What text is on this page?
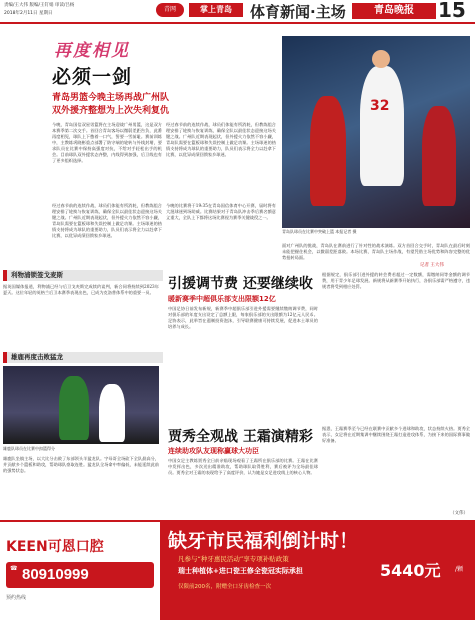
责编/王大伟 版编/王钉娟 审读/吕杨
2018年2月11日 星期日
青网	掌上青岛	体育新闻·主场	青岛晚报	15
再度相见
必须一剑
青岛男篮今晚主场再战广州队
双外援齐整想为上次失利复仇
今晚，青岛国信双星男篮将在主场迎战广州男篮，这是双方本赛季第二次交手。首回合青岛客场以微弱差距告负，此番再度相见，球队上下憋着一口气，誓要一雪前耻。赛前训练中，主教练巩晓彬重点部署了防守端的轮转与外线封堵，要求队员在比赛中保持高强度对抗，不给对手轻松出手的机会。目前球队双外援状态齐整，内线得到加强，后卫线也有了更多组织选择。
经过春节前的连续作战，球员们体能有所消耗，但教练组合理安排了轮换与恢复训练，确保全队以最佳状态迎接这场关键之战。广州队近期表现起伏，但外援火力依然不容小觑，青岛队需要在篮板球和失误控制上做足功课。主场球迷的热情支持将成为球队的重要助力，队员们表示将全力以赴拿下比赛，以优异成绩回馈家乡球迷。
经过春节前的连续作战，球员们体能有所消耗，但教练组合理安排了轮换与恢复训练，确保全队以最佳状态迎接这场关键之战。广州队近期表现起伏，但外援火力依然不容小觑，青岛队需要在篮板球和失误控制上做足功课。主场球迷的热情支持将成为球队的重要助力，队员们表示将全力以赴拿下比赛，以优异成绩回馈家乡球迷。
今晚的比赛将于19:35在青岛国信体育中心开赛，届时将有大批球迷到场助威。比赛结果对于青岛队冲击季后赛名额意义重大，全队上下都将这场比赛视为赛季关键战役之一。
32
青岛队球员在比赛中突破上篮 本报记者 摄
面对广州队的挑战，青岛队在赛前进行了针对性的战术演练。双方首回合交手时，青岛队在最后时刻未能把握住机会，以微弱差距落败。本场比赛，青岛队主场作战，有望凭借主场优势和阵容完整的优势扭转局面。
记者 王大伟
利物浦锁签戈麦斯
据英国媒体报道，利物浦已经与后卫戈麦斯完成续约谈判，新合同将持续到2023年夏天。这位年轻的英格兰后卫本赛季表现出色，已成为克洛普体系中的重要一员。
雄鹿再度击败猛龙
雄鹿队球员在比赛中扣篮得分
雄鹿队坐镇主场，以大比分击败了东部领头羊猛龙队。字母哥全场砍下全队最高分，并贡献多个篮板和助攻，帮助球队豪取连胜。猛龙队全场命中率偏低，未能延续此前的强势状态。
引援调节费 还要继续收
暖新赛季中超俱乐部支出限额12亿
中国足协日前发布新规，新赛季中超俱乐部引进外援需要继续缴纳调节费，同时对俱乐部的年度支出设定了总额上限，每家俱乐部的支出限额为12亿元人民币。足协表示，此举旨在遏制投资泡沫，引导联赛健康可持续发展，促进本土球员的培养与成长。
根据规定，俱乐部引进外援的转会费若超过一定数额，需缴纳同等金额的调节费，用于青少年足球发展。新规将从新赛季开始执行，各俱乐部需严格遵守，违规者将受到相应处罚。
贾秀全观战 王霜演精彩
连续助攻队友现称赢球大功臣
中国女足主教练贾秀全日前亲临现场观看了王霜所在俱乐部的比赛。王霜在比赛中发挥出色，多次送出精准助攻，帮助球队取得胜利，赛后被评为全场最佳球员。贾秀全对王霜的表现给予了高度评价，认为她是女足进攻线上的核心人物。
据悉，王霜赛季至今已经在联赛中贡献多个进球和助攻，状态持续火热。贾秀全表示，女足将在近期集训中继续围绕王霜打造进攻体系，为接下来的国际赛事做好准备。
（文伟）
KEEN可恩口腔
☎ 80910999
预约热线
缺牙市民福利倒计时！
凡参与“种牙惠民活动”享专项补贴政策
瑞士种植体+进口瓷王修全瓷冠实际承担	5440元 /颗
仅限前200名，附赠全口牙齿检查一次
